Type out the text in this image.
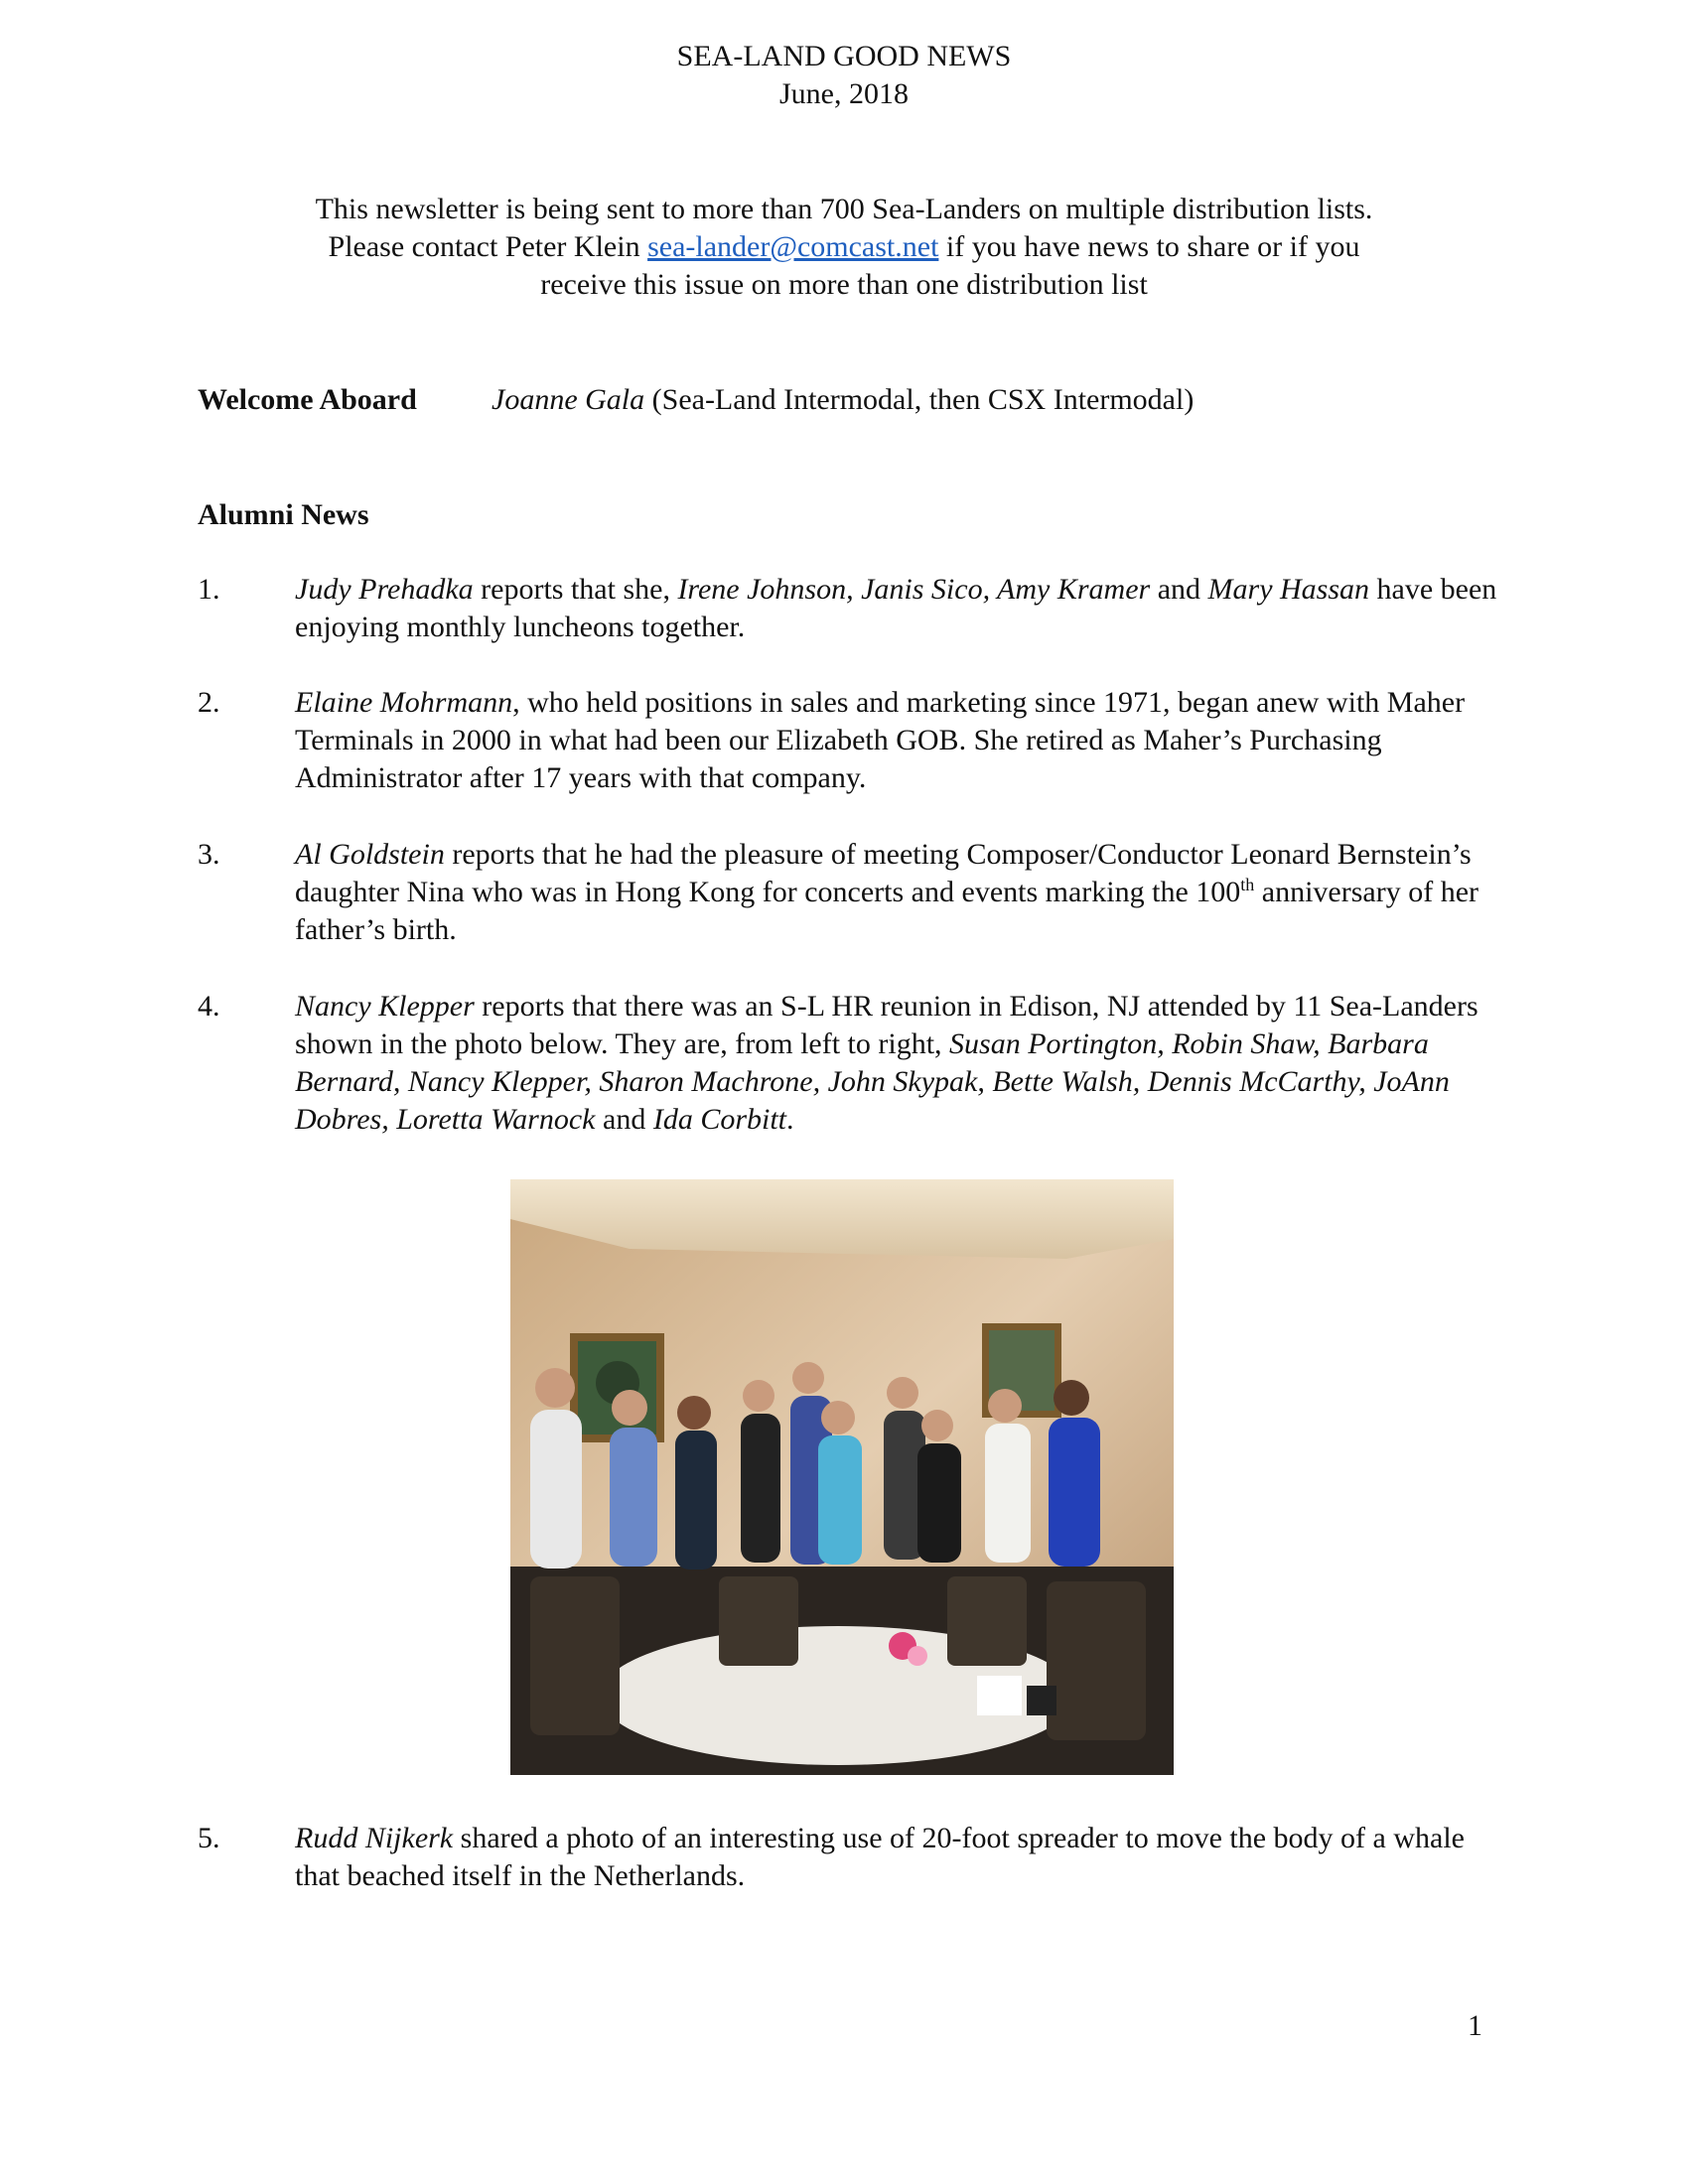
SEA-LAND GOOD NEWS
June, 2018
This newsletter is being sent to more than 700 Sea-Landers on multiple distribution lists.
Please contact Peter Klein sea-lander@comcast.net if you have news to share or if you
receive this issue on more than one distribution list
Welcome Aboard	Joanne Gala (Sea-Land Intermodal, then CSX Intermodal)
Alumni News
1.	Judy Prehadka reports that she, Irene Johnson, Janis Sico, Amy Kramer and Mary Hassan have been enjoying monthly luncheons together.
2.	Elaine Mohrmann, who held positions in sales and marketing since 1971, began anew with Maher Terminals in 2000 in what had been our Elizabeth GOB. She retired as Maher’s Purchasing Administrator after 17 years with that company.
3.	Al Goldstein reports that he had the pleasure of meeting Composer/Conductor Leonard Bernstein’s daughter Nina who was in Hong Kong for concerts and events marking the 100th anniversary of her father’s birth.
4.	Nancy Klepper reports that there was an S-L HR reunion in Edison, NJ attended by 11 Sea-Landers shown in the photo below. They are, from left to right, Susan Portington, Robin Shaw, Barbara Bernard, Nancy Klepper, Sharon Machrone, John Skypak, Bette Walsh, Dennis McCarthy, JoAnn Dobres, Loretta Warnock and Ida Corbitt.
5.	Rudd Nijkerk shared a photo of an interesting use of 20-foot spreader to move the body of a whale that beached itself in the Netherlands.
1
